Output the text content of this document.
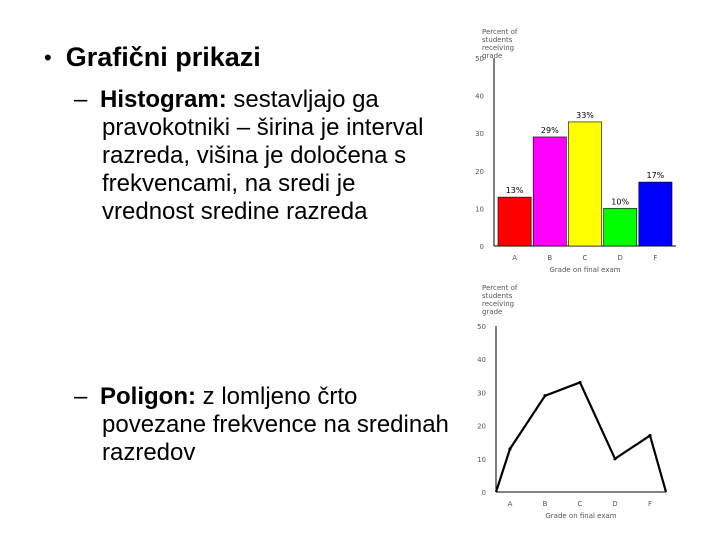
• Grafični prikazi
– Histogram: sestavljajo ga
pravokotniki – širina je interval razreda, višina je določena s frekvencami, na sredi je vrednost sredine razreda
– Poligon: z lomljeno črto
povezane frekvence na sredinah razredov
Percent of students receiving grade
0
10
20
30
40
50
13%
A
29%
B
33%
C
10%
D
17%
F
Grade on final exam
Percent of students receiving grade
0
10
20
30
40
50
A	B	C	D	F
Grade on final exam
